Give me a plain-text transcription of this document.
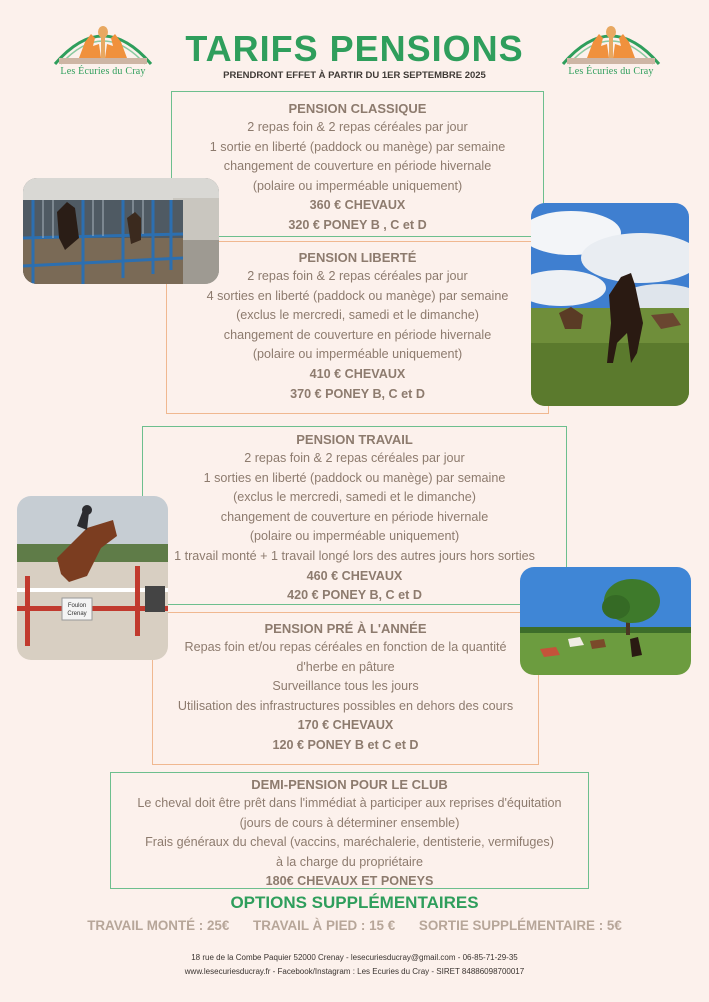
Les Écuries du Cray	Les Écuries du Cray
TARIFS PENSIONS
PRENDRONT EFFET À PARTIR DU 1ER SEPTEMBRE 2025
PENSION CLASSIQUE
2 repas foin & 2 repas céréales par jour
1 sortie en liberté (paddock ou manège) par semaine
changement de couverture en période hivernale
(polaire ou imperméable uniquement)
360 € CHEVAUX
320 € PONEY B , C et D
PENSION LIBERTÉ
2 repas foin & 2 repas céréales par jour
4 sorties en liberté (paddock ou manège) par semaine
(exclus le mercredi, samedi et le dimanche)
changement de couverture en période hivernale
(polaire ou imperméable uniquement)
410 € CHEVAUX
370 € PONEY B, C et D
PENSION TRAVAIL
2 repas foin & 2 repas céréales par jour
1 sorties en liberté (paddock ou manège) par semaine
(exclus le mercredi, samedi et le dimanche)
changement de couverture en période hivernale
(polaire ou imperméable uniquement)
1 travail monté + 1 travail longé lors des autres jours hors sorties
460 € CHEVAUX
420 € PONEY B, C et D
PENSION PRÉ À L'ANNÉE
Repas foin et/ou repas céréales en fonction de la quantité
d'herbe en pâture
Surveillance tous les jours
Utilisation des infrastructures possibles en dehors des cours
170 € CHEVAUX
120 € PONEY B et C et D
DEMI-PENSION POUR LE CLUB
Le cheval doit être prêt dans l'immédiat à participer aux reprises d'équitation
(jours de cours à déterminer ensemble)
Frais généraux du cheval (vaccins, maréchalerie, dentisterie, vermifuges)
à la charge du propriétaire
180€ CHEVAUX ET PONEYS
Foulon
Crenay
OPTIONS SUPPLÉMENTAIRES
TRAVAIL MONTÉ : 25€ TRAVAIL À PIED : 15 € SORTIE SUPPLÉMENTAIRE : 5€
18 rue de la Combe Paquier 52000 Crenay - lesecuriesducray@gmail.com - 06-85-71-29-35
www.lesecuriesducray.fr - Facebook/Instagram : Les Ecuries du Cray - SIRET 84886098700017
